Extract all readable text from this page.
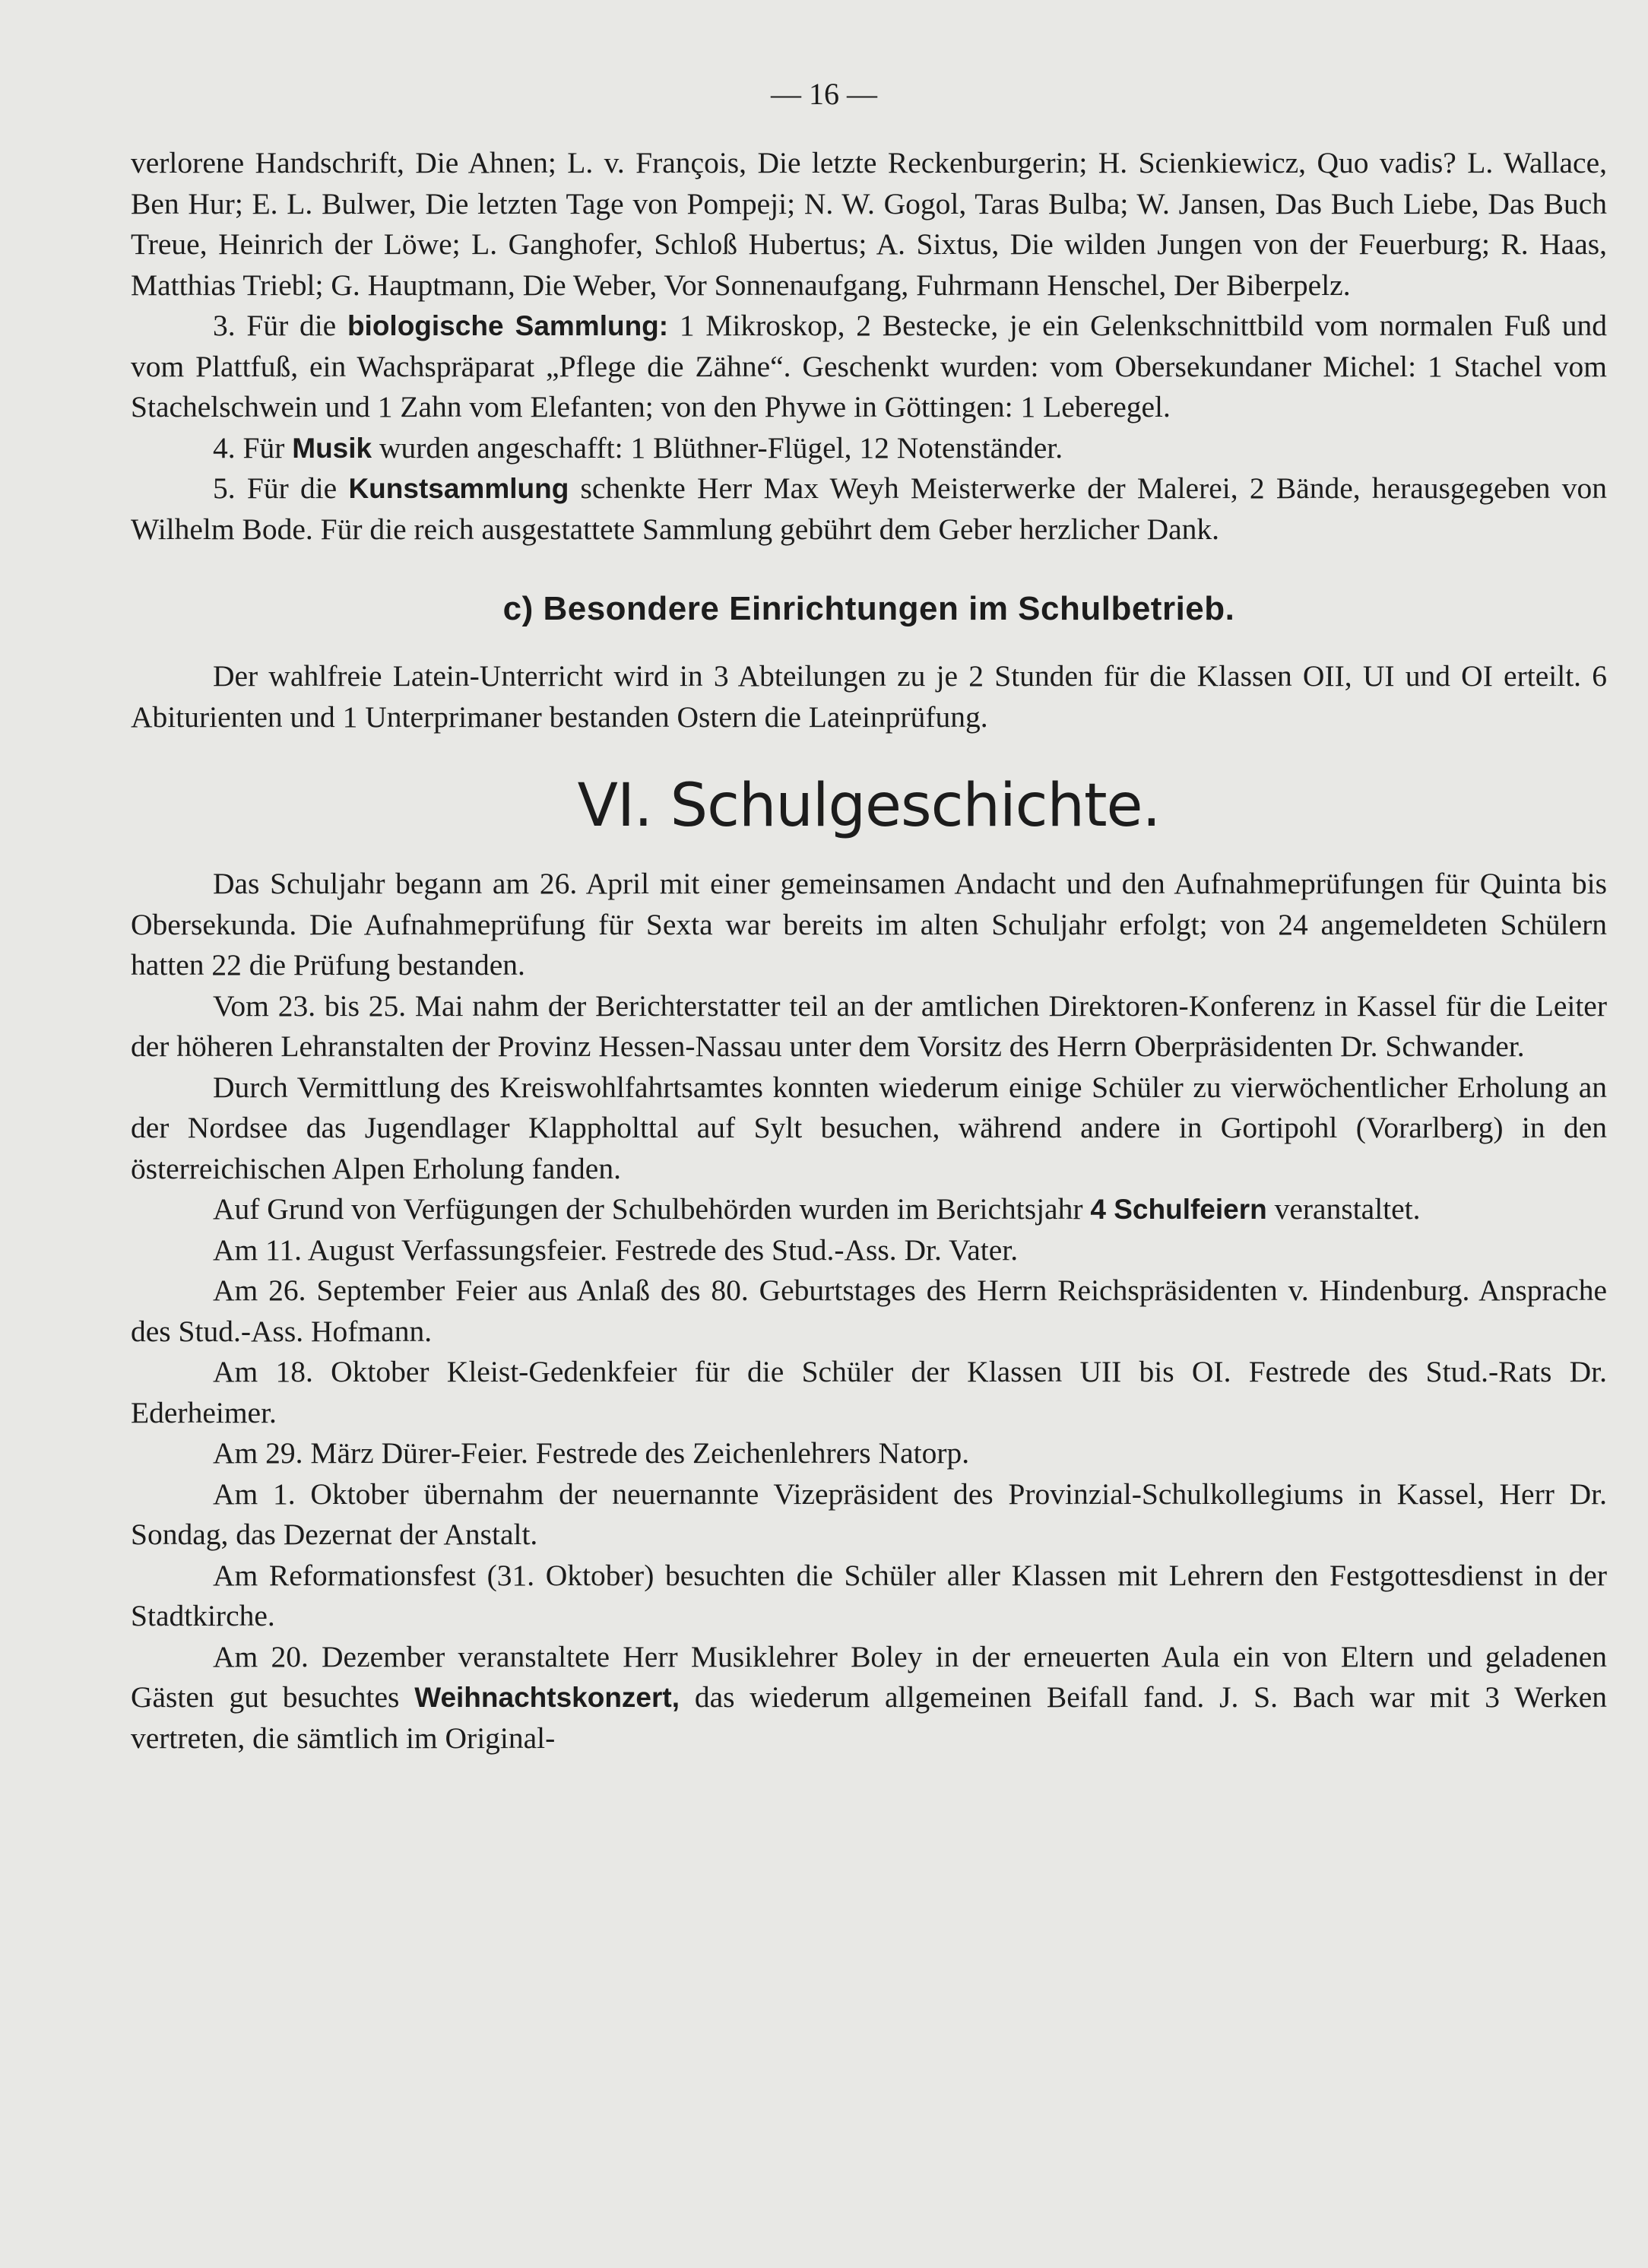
— 16 —

verlorene Handschrift, Die Ahnen; L. v. François, Die letzte Reckenburgerin; H. Scienkiewicz, Quo vadis? L. Wallace, Ben Hur; E. L. Bulwer, Die letzten Tage von Pompeji; N. W. Gogol, Taras Bulba; W. Jansen, Das Buch Liebe, Das Buch Treue, Heinrich der Löwe; L. Ganghofer, Schloß Hubertus; A. Sixtus, Die wilden Jungen von der Feuerburg; R. Haas, Matthias Triebl; G. Hauptmann, Die Weber, Vor Sonnenaufgang, Fuhrmann Henschel, Der Biberpelz.

3. Für die biologische Sammlung: 1 Mikroskop, 2 Bestecke, je ein Gelenkschnittbild vom normalen Fuß und vom Plattfuß, ein Wachspräparat „Pflege die Zähne“. Geschenkt wurden: vom Obersekundaner Michel: 1 Stachel vom Stachelschwein und 1 Zahn vom Elefanten; von den Phywe in Göttingen: 1 Leberegel.

4. Für Musik wurden angeschafft: 1 Blüthner-Flügel, 12 Notenständer.

5. Für die Kunstsammlung schenkte Herr Max Weyh Meisterwerke der Malerei, 2 Bände, herausgegeben von Wilhelm Bode. Für die reich ausgestattete Sammlung gebührt dem Geber herzlicher Dank.

c) Besondere Einrichtungen im Schulbetrieb.

Der wahlfreie Latein-Unterricht wird in 3 Abteilungen zu je 2 Stunden für die Klassen OII, UI und OI erteilt. 6 Abiturienten und 1 Unterprimaner bestanden Ostern die Lateinprüfung.

VI. Schulgeschichte.

Das Schuljahr begann am 26. April mit einer gemeinsamen Andacht und den Aufnahmeprüfungen für Quinta bis Obersekunda. Die Aufnahmeprüfung für Sexta war bereits im alten Schuljahr erfolgt; von 24 angemeldeten Schülern hatten 22 die Prüfung bestanden.

Vom 23. bis 25. Mai nahm der Berichterstatter teil an der amtlichen Direktoren-Konferenz in Kassel für die Leiter der höheren Lehranstalten der Provinz Hessen-Nassau unter dem Vorsitz des Herrn Oberpräsidenten Dr. Schwander.

Durch Vermittlung des Kreiswohlfahrtsamtes konnten wiederum einige Schüler zu vierwöchentlicher Erholung an der Nordsee das Jugendlager Klappholttal auf Sylt besuchen, während andere in Gortipohl (Vorarlberg) in den österreichischen Alpen Erholung fanden.

Auf Grund von Verfügungen der Schulbehörden wurden im Berichtsjahr 4 Schulfeiern veranstaltet.

Am 11. August Verfassungsfeier. Festrede des Stud.-Ass. Dr. Vater.

Am 26. September Feier aus Anlaß des 80. Geburtstages des Herrn Reichspräsidenten v. Hindenburg. Ansprache des Stud.-Ass. Hofmann.

Am 18. Oktober Kleist-Gedenkfeier für die Schüler der Klassen UII bis OI. Festrede des Stud.-Rats Dr. Ederheimer.

Am 29. März Dürer-Feier. Festrede des Zeichenlehrers Natorp.

Am 1. Oktober übernahm der neuernannte Vizepräsident des Provinzial-Schulkollegiums in Kassel, Herr Dr. Sondag, das Dezernat der Anstalt.

Am Reformationsfest (31. Oktober) besuchten die Schüler aller Klassen mit Lehrern den Festgottesdienst in der Stadtkirche.

Am 20. Dezember veranstaltete Herr Musiklehrer Boley in der erneuerten Aula ein von Eltern und geladenen Gästen gut besuchtes Weihnachtskonzert, das wiederum allgemeinen Beifall fand. J. S. Bach war mit 3 Werken vertreten, die sämtlich im Original-
